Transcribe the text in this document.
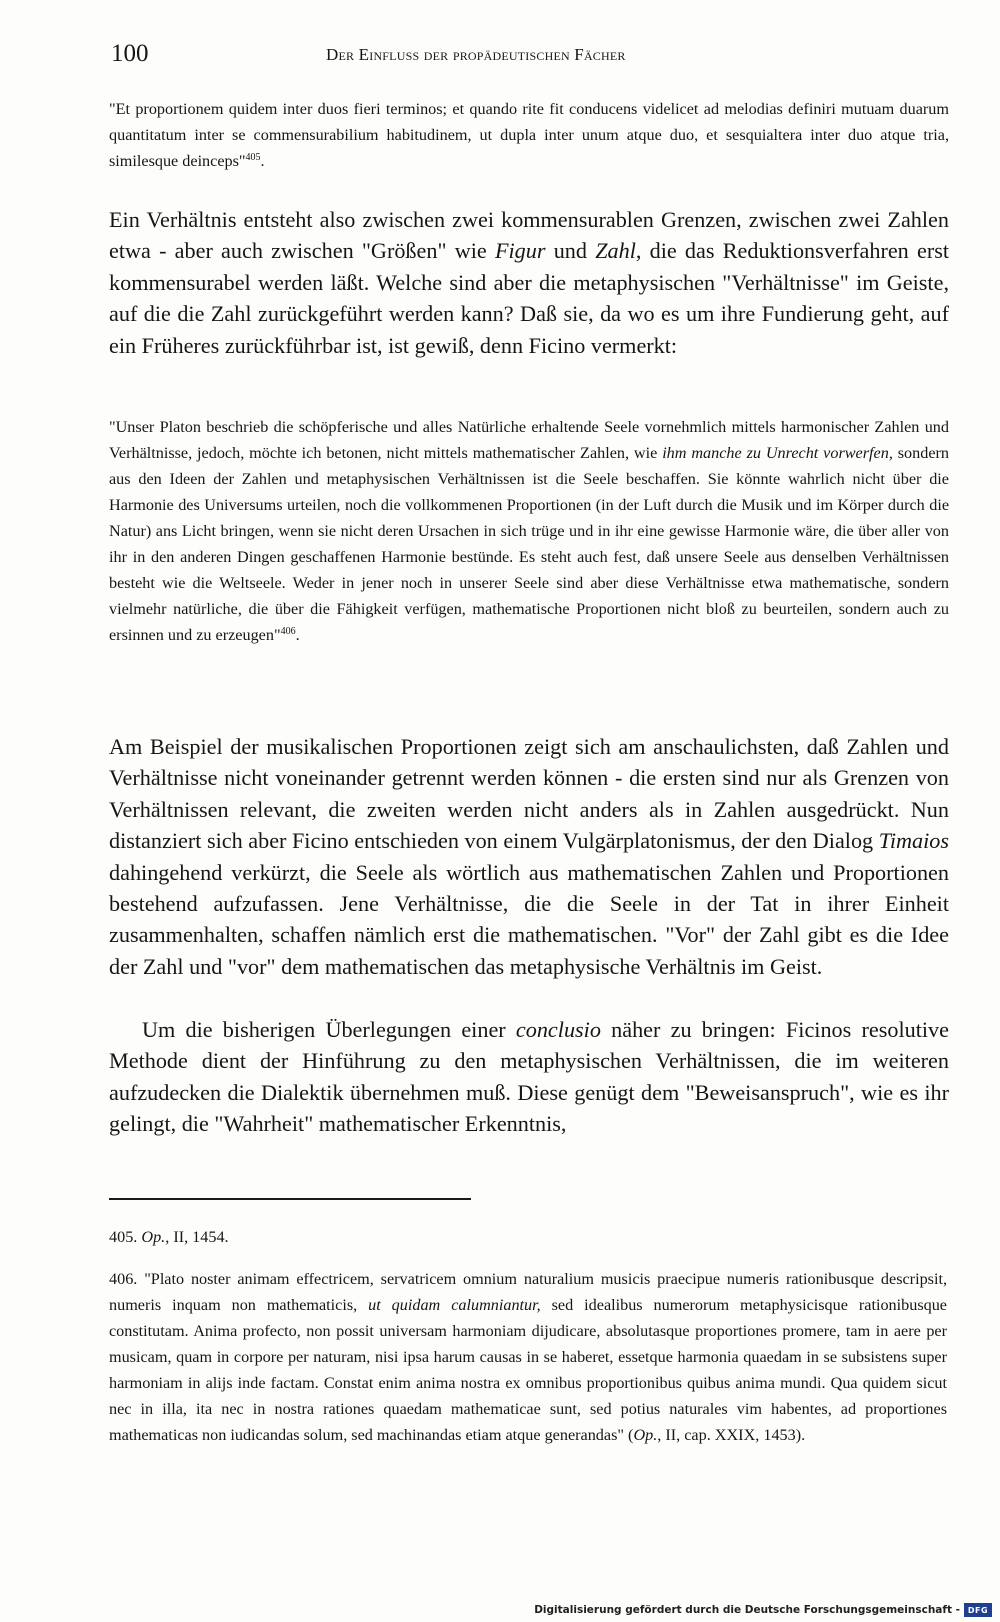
100	Der Einfluss der propädeutischen Fächer

"Et proportionem quidem inter duos fieri terminos; et quando rite fit conducens videlicet ad melodias definiri mutuam duarum quantitatum inter se commensurabilium habitudinem, ut dupla inter unum atque duo, et sesquialtera inter duo atque tria, similesque deinceps"$^{405}$.

Ein Verhältnis entsteht also zwischen zwei kommensurablen Grenzen, zwischen zwei Zahlen etwa - aber auch zwischen "Größen" wie Figur und Zahl, die das Reduktionsverfahren erst kommensurabel werden läßt. Welche sind aber die metaphysischen "Verhältnisse" im Geiste, auf die die Zahl zurückgeführt werden kann? Daß sie, da wo es um ihre Fundierung geht, auf ein Früheres zurückführbar ist, ist gewiß, denn Ficino vermerkt:

"Unser Platon beschrieb die schöpferische und alles Natürliche erhaltende Seele vornehmlich mittels harmonischer Zahlen und Verhältnisse, jedoch, möchte ich betonen, nicht mittels mathematischer Zahlen, wie ihm manche zu Unrecht vorwerfen, sondern aus den Ideen der Zahlen und metaphysischen Verhältnissen ist die Seele beschaffen. Sie könnte wahrlich nicht über die Harmonie des Universums urteilen, noch die vollkommenen Proportionen (in der Luft durch die Musik und im Körper durch die Natur) ans Licht bringen, wenn sie nicht deren Ursachen in sich trüge und in ihr eine gewisse Harmonie wäre, die über aller von ihr in den anderen Dingen geschaffenen Harmonie bestünde. Es steht auch fest, daß unsere Seele aus denselben Verhältnissen besteht wie die Weltseele. Weder in jener noch in unserer Seele sind aber diese Verhältnisse etwa mathematische, sondern vielmehr natürliche, die über die Fähigkeit verfügen, mathematische Proportionen nicht bloß zu beurteilen, sondern auch zu ersinnen und zu erzeugen"$^{406}$.

Am Beispiel der musikalischen Proportionen zeigt sich am anschaulichsten, daß Zahlen und Verhältnisse nicht voneinander getrennt werden können - die ersten sind nur als Grenzen von Verhältnissen relevant, die zweiten werden nicht anders als in Zahlen ausgedrückt. Nun distanziert sich aber Ficino entschieden von einem Vulgärplatonismus, der den Dialog Timaios dahingehend verkürzt, die Seele als wörtlich aus mathematischen Zahlen und Proportionen bestehend aufzufassen. Jene Verhältnisse, die die Seele in der Tat in ihrer Einheit zusammenhalten, schaffen nämlich erst die mathematischen. "Vor" der Zahl gibt es die Idee der Zahl und "vor" dem mathematischen das metaphysische Verhältnis im Geist.

Um die bisherigen Überlegungen einer conclusio näher zu bringen: Ficinos resolutive Methode dient der Hinführung zu den metaphysischen Verhältnissen, die im weiteren aufzudecken die Dialektik übernehmen muß. Diese genügt dem "Beweisanspruch", wie es ihr gelingt, die "Wahrheit" mathematischer Erkenntnis,

405. Op., II, 1454.

406. "Plato noster animam effectricem, servatricem omnium naturalium musicis praecipue numeris rationibusque descripsit, numeris inquam non mathematicis, ut quidam calumniantur, sed idealibus numerorum metaphysicisque rationibusque constitutam. Anima profecto, non possit universam harmoniam dijudicare, absolutasque proportiones promere, tam in aere per musicam, quam in corpore per naturam, nisi ipsa harum causas in se haberet, essetque harmonia quaedam in se subsistens super harmoniam in alijs inde factam. Constat enim anima nostra ex omnibus proportionibus quibus anima mundi. Qua quidem sicut nec in illa, ita nec in nostra rationes quaedam mathematicae sunt, sed potius naturales vim habentes, ad proportiones mathematicas non iudicandas solum, sed machinandas etiam atque generandas" (Op., II, cap. XXIX, 1453).

Digitalisierung gefördert durch die Deutsche Forschungsgemeinschaft - DFG
